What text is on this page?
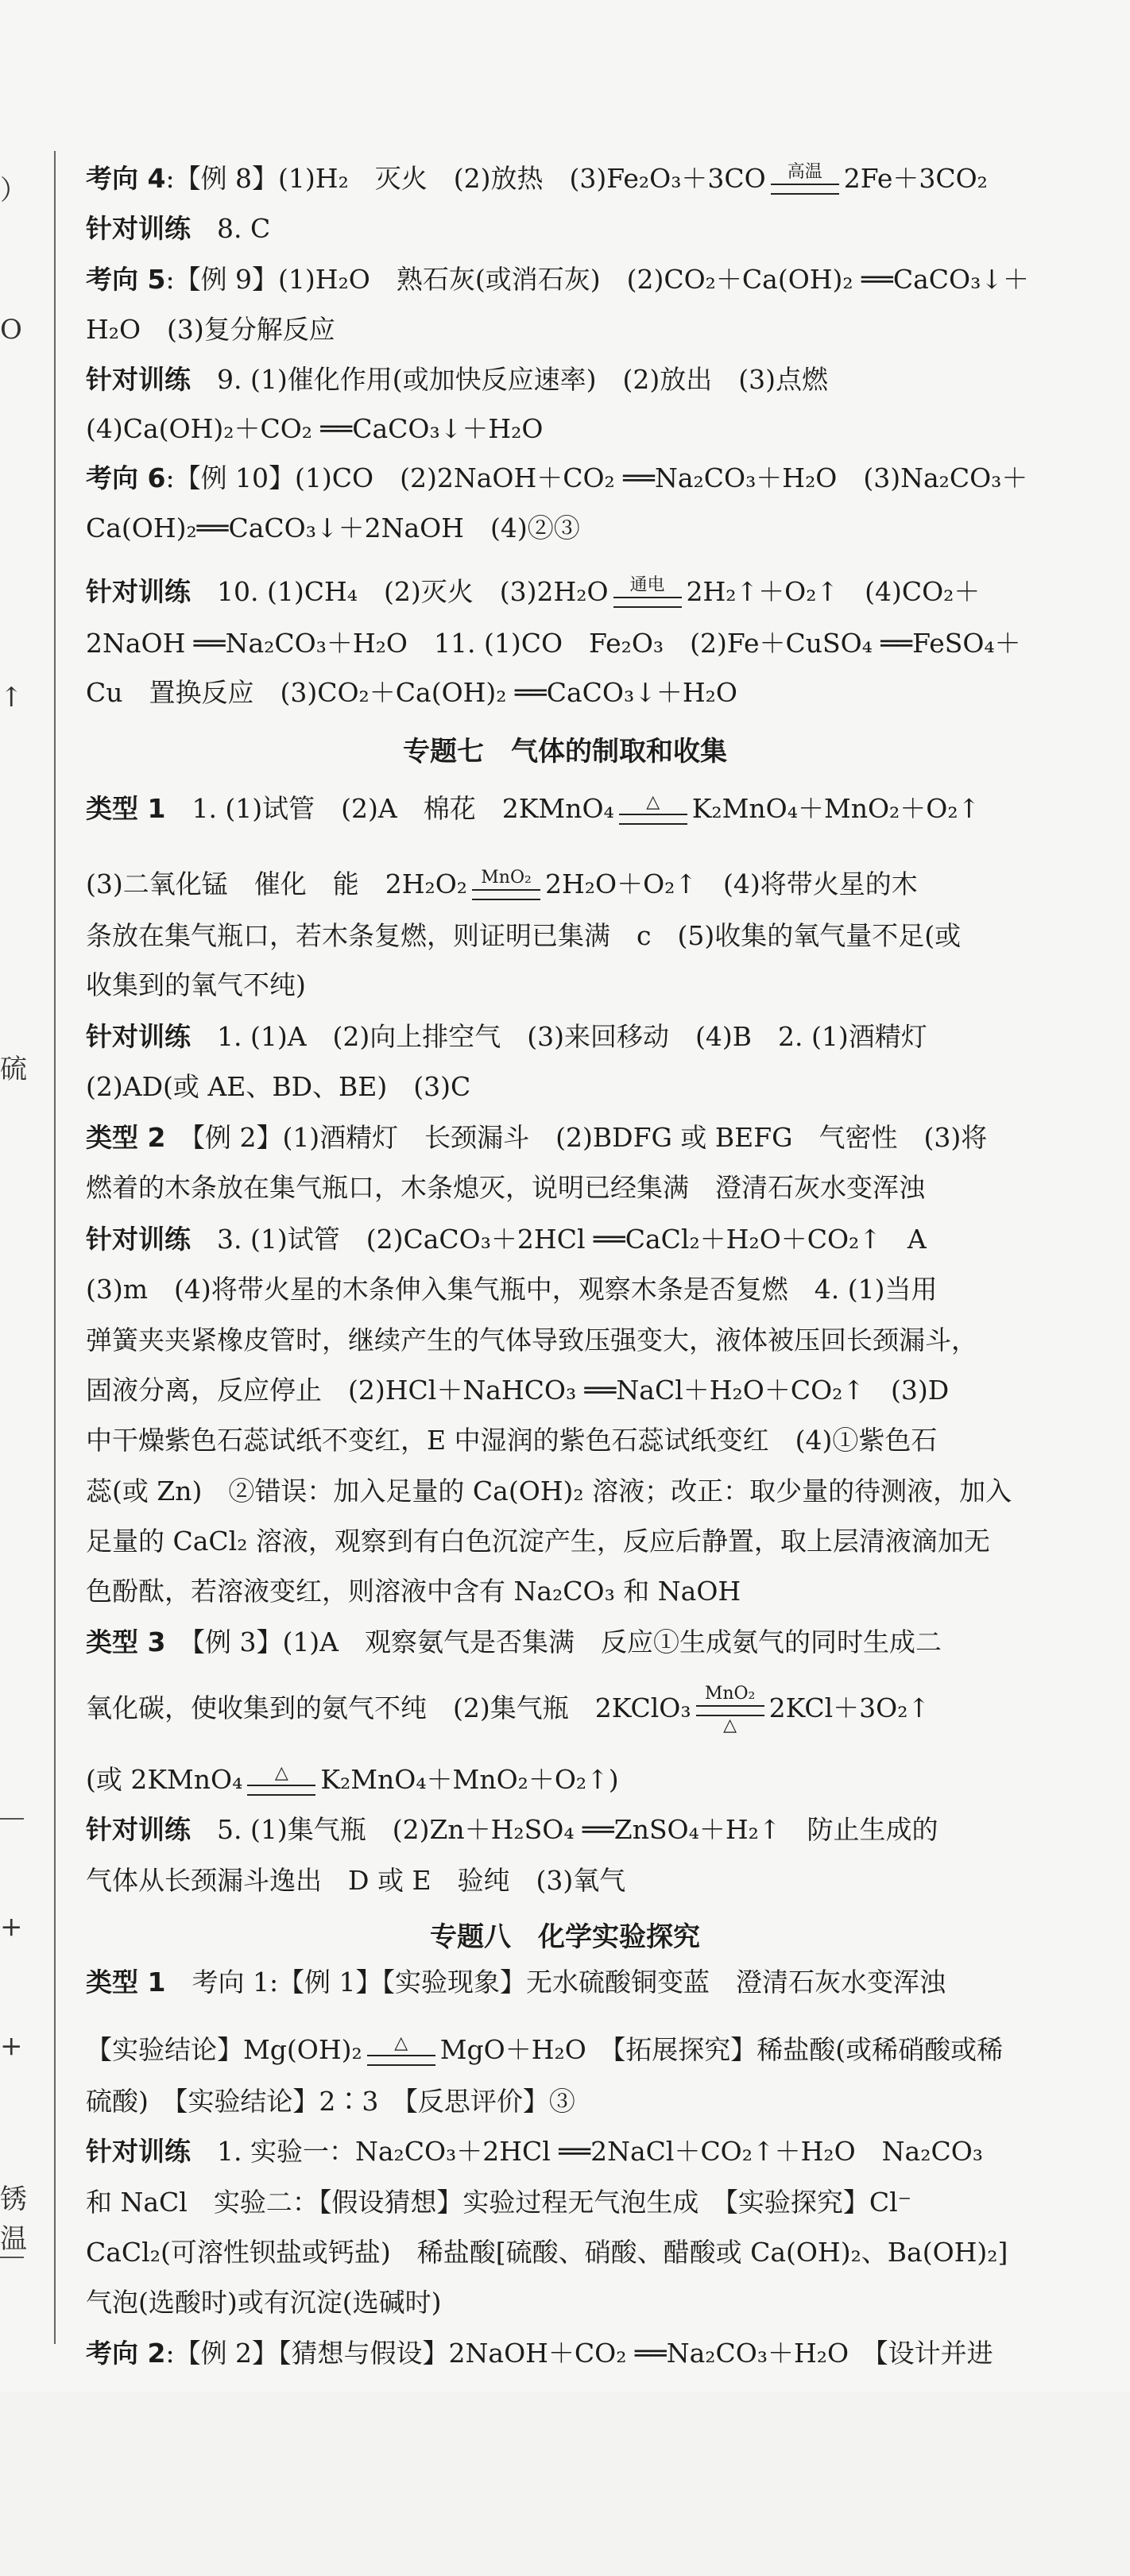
）
O
↑
硫
+
+
锈
温
考向 4:【例 8】(1)H₂　灭火　(2)放热　(3)Fe₂O₃＋3CO	高温 2Fe＋3CO₂
针对训练　8. C
考向 5:【例 9】(1)H₂O　熟石灰(或消石灰)　(2)CO₂＋Ca(OH)₂ ══CaCO₃↓＋
H₂O　(3)复分解反应
针对训练　9. (1)催化作用(或加快反应速率)　(2)放出　(3)点燃
(4)Ca(OH)₂＋CO₂ ══CaCO₃↓＋H₂O
考向 6:【例 10】(1)CO　(2)2NaOH＋CO₂ ══Na₂CO₃＋H₂O　(3)Na₂CO₃＋
Ca(OH)₂══CaCO₃↓＋2NaOH　(4)②③
针对训练　10. (1)CH₄　(2)灭火　(3)2H₂O	通电 2H₂↑＋O₂↑　(4)CO₂＋
2NaOH ══Na₂CO₃＋H₂O　11. (1)CO　Fe₂O₃　(2)Fe＋CuSO₄ ══FeSO₄＋
Cu　置换反应　(3)CO₂＋Ca(OH)₂ ══CaCO₃↓＋H₂O
专题七　气体的制取和收集
类型 1　1. (1)试管　(2)A　棉花　2KMnO₄	△	K₂MnO₄＋MnO₂＋O₂↑
(3)二氧化锰　催化　能　2H₂O₂ MnO₂ 2H₂O＋O₂↑　(4)将带火星的木
条放在集气瓶口，若木条复燃，则证明已集满　c　(5)收集的氧气量不足(或
收集到的氧气不纯)
针对训练　1. (1)A　(2)向上排空气　(3)来回移动　(4)B　2. (1)酒精灯
(2)AD(或 AE、BD、BE)　(3)C
类型 2　【例 2】(1)酒精灯　长颈漏斗　(2)BDFG 或 BEFG　气密性　(3)将
燃着的木条放在集气瓶口，木条熄灭，说明已经集满　澄清石灰水变浑浊
针对训练　3. (1)试管　(2)CaCO₃＋2HCl ══CaCl₂＋H₂O＋CO₂↑　A
(3)m　(4)将带火星的木条伸入集气瓶中，观察木条是否复燃　4. (1)当用
弹簧夹夹紧橡皮管时，继续产生的气体导致压强变大，液体被压回长颈漏斗，
固液分离，反应停止　(2)HCl＋NaHCO₃ ══NaCl＋H₂O＋CO₂↑　(3)D
中干燥紫色石蕊试纸不变红，E 中湿润的紫色石蕊试纸变红　(4)①紫色石
蕊(或 Zn)　②错误：加入足量的 Ca(OH)₂ 溶液；改正：取少量的待测液，加入
足量的 CaCl₂ 溶液，观察到有白色沉淀产生，反应后静置，取上层清液滴加无
色酚酞，若溶液变红，则溶液中含有 Na₂CO₃ 和 NaOH
类型 3　【例 3】(1)A　观察氨气是否集满　反应①生成氨气的同时生成二
氧化碳，使收集到的氨气不纯　(2)集气瓶　2KClO₃ MnO₂
△
2KCl＋3O₂↑
(或 2KMnO₄	△	K₂MnO₄＋MnO₂＋O₂↑)
针对训练　5. (1)集气瓶　(2)Zn＋H₂SO₄ ══ZnSO₄＋H₂↑　防止生成的
气体从长颈漏斗逸出　D 或 E　验纯　(3)氧气
专题八　化学实验探究
类型 1　考向 1:【例 1】【实验现象】无水硫酸铜变蓝　澄清石灰水变浑浊
【实验结论】Mg(OH)₂	△	MgO＋H₂O　【拓展探究】稀盐酸(或稀硝酸或稀
硫酸)　【实验结论】2∶3　【反思评价】③
针对训练　1. 实验一：Na₂CO₃＋2HCl ══2NaCl＋CO₂↑＋H₂O　Na₂CO₃
和 NaCl　实验二：【假设猜想】实验过程无气泡生成　【实验探究】Cl⁻
CaCl₂(可溶性钡盐或钙盐)　稀盐酸[硫酸、硝酸、醋酸或 Ca(OH)₂、Ba(OH)₂]
气泡(选酸时)或有沉淀(选碱时)
考向 2:【例 2】【猜想与假设】2NaOH＋CO₂ ══Na₂CO₃＋H₂O　【设计并进
